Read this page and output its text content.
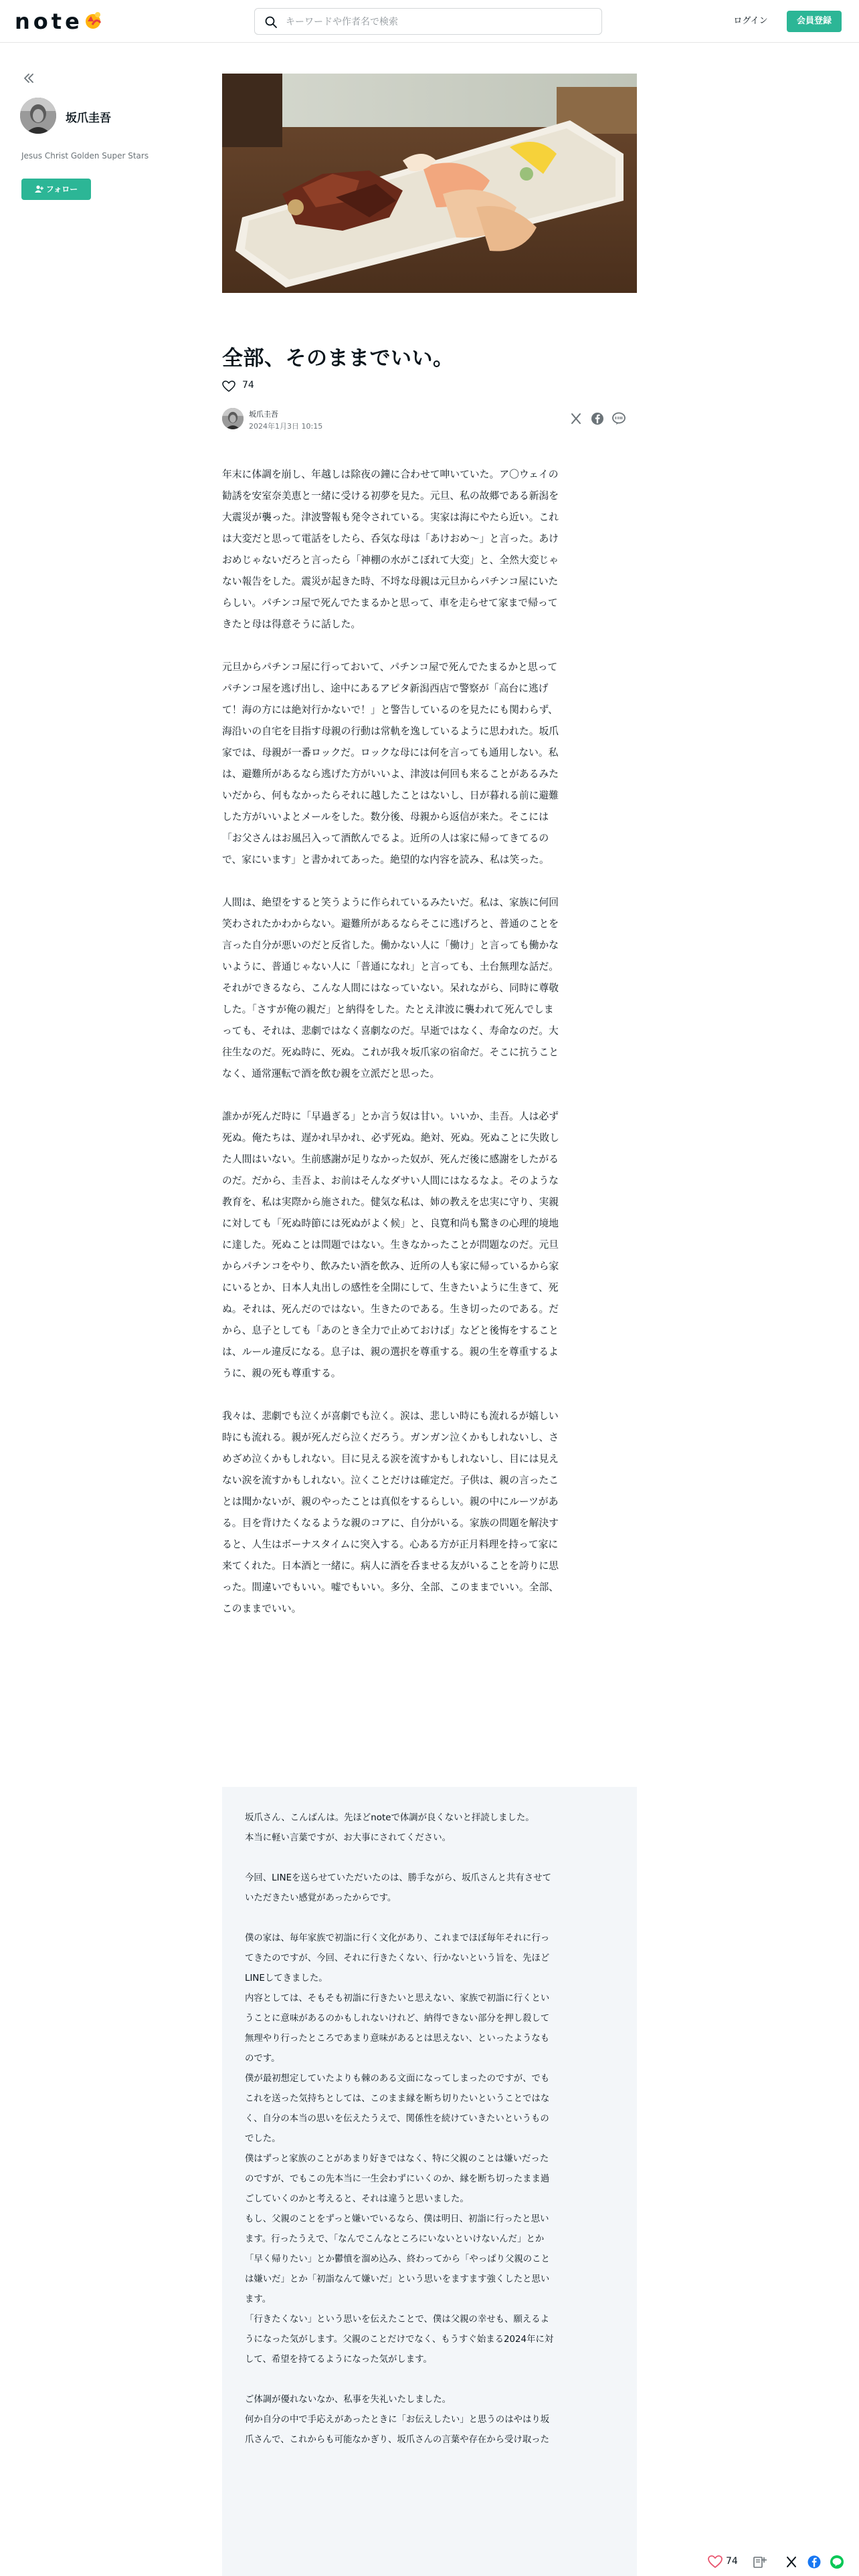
note
キーワードや作者名で検索	ログイン	会員登録
坂爪圭吾
Jesus Christ Golden Super Stars
フォロー
全部、そのままでいい。
74
坂爪圭吾
2024年1月3日 10:15

年末に体調を崩し、年越しは除夜の鐘に合わせて呻いていた。ア〇ウェイの
勧誘を安室奈美恵と一緒に受ける初夢を見た。元旦、私の故郷である新潟を
大震災が襲った。津波警報も発令されている。実家は海にやたら近い。これ
は大変だと思って電話をしたら、呑気な母は「あけおめ〜」と言った。あけ
おめじゃないだろと言ったら「神棚の水がこぼれて大変」と、全然大変じゃ
ない報告をした。震災が起きた時、不埒な母親は元旦からパチンコ屋にいた
らしい。パチンコ屋で死んでたまるかと思って、車を走らせて家まで帰って
きたと母は得意そうに話した。

元旦からパチンコ屋に行っておいて、パチンコ屋で死んでたまるかと思って
パチンコ屋を逃げ出し、途中にあるアピタ新潟西店で警察が「高台に逃げ
て！海の方には絶対行かないで！」と警告しているのを見たにも関わらず、
海沿いの自宅を目指す母親の行動は常軌を逸しているように思われた。坂爪
家では、母親が一番ロックだ。ロックな母には何を言っても通用しない。私
は、避難所があるなら逃げた方がいいよ、津波は何回も来ることがあるみた
いだから、何もなかったらそれに越したことはないし、日が暮れる前に避難
した方がいいよとメールをした。数分後、母親から返信が来た。そこには
「お父さんはお風呂入って酒飲んでるよ。近所の人は家に帰ってきてるの
で、家にいます」と書かれてあった。絶望的な内容を読み、私は笑った。

人間は、絶望をすると笑うように作られているみたいだ。私は、家族に何回
笑わされたかわからない。避難所があるならそこに逃げろと、普通のことを
言った自分が悪いのだと反省した。働かない人に「働け」と言っても働かな
いように、普通じゃない人に「普通になれ」と言っても、土台無理な話だ。
それができるなら、こんな人間にはなっていない。呆れながら、同時に尊敬
した。「さすが俺の親だ」と納得をした。たとえ津波に襲われて死んでしま
っても、それは、悲劇ではなく喜劇なのだ。早逝ではなく、寿命なのだ。大
往生なのだ。死ぬ時に、死ぬ。これが我々坂爪家の宿命だ。そこに抗うこと
なく、通常運転で酒を飲む親を立派だと思った。

誰かが死んだ時に「早過ぎる」とか言う奴は甘い。いいか、圭吾。人は必ず
死ぬ。俺たちは、遅かれ早かれ、必ず死ぬ。絶対、死ぬ。死ぬことに失敗し
た人間はいない。生前感謝が足りなかった奴が、死んだ後に感謝をしたがる
のだ。だから、圭吾よ、お前はそんなダサい人間にはなるなよ。そのような
教育を、私は実際から施された。健気な私は、姉の教えを忠実に守り、実親
に対しても「死ぬ時節には死ぬがよく候」と、良寛和尚も驚きの心理的境地
に達した。死ぬことは問題ではない。生きなかったことが問題なのだ。元旦
からパチンコをやり、飲みたい酒を飲み、近所の人も家に帰っているから家
にいるとか、日本人丸出しの感性を全開にして、生きたいように生きて、死
ぬ。それは、死んだのではない。生きたのである。生き切ったのである。だ
から、息子としても「あのとき全力で止めておけば」などと後悔をすること
は、ルール違反になる。息子は、親の選択を尊重する。親の生を尊重するよ
うに、親の死も尊重する。

我々は、悲劇でも泣くが喜劇でも泣く。涙は、悲しい時にも流れるが嬉しい
時にも流れる。親が死んだら泣くだろう。ガンガン泣くかもしれないし、さ
めざめ泣くかもしれない。目に見える涙を流すかもしれないし、目には見え
ない涙を流すかもしれない。泣くことだけは確定だ。子供は、親の言ったこ
とは聞かないが、親のやったことは真似をするらしい。親の中にルーツがあ
る。目を背けたくなるような親のコアに、自分がいる。家族の問題を解決す
ると、人生はボーナスタイムに突入する。心ある方が正月料理を持って家に
来てくれた。日本酒と一緒に。病人に酒を呑ませる友がいることを誇りに思
った。間違いでもいい。嘘でもいい。多分、全部、このままでいい。全部、
このままでいい。

坂爪さん、こんばんは。先ほどnoteで体調が良くないと拝読しました。
本当に軽い言葉ですが、お大事にされてください。

今回、LINEを送らせていただいたのは、勝手ながら、坂爪さんと共有させて
いただきたい感覚があったからです。

僕の家は、毎年家族で初詣に行く文化があり、これまでほぼ毎年それに行っ
てきたのですが、今回、それに行きたくない、行かないという旨を、先ほど
LINEしてきました。

内容としては、そもそも初詣に行きたいと思えない、家族で初詣に行くとい
うことに意味があるのかもしれないけれど、納得できない部分を押し殺して
無理やり行ったところであまり意味があるとは思えない、といったようなも
のです。

僕が最初想定していたよりも棘のある文面になってしまったのですが、でも
これを送った気持ちとしては、このまま縁を断ち切りたいということではな
く、自分の本当の思いを伝えたうえで、関係性を続けていきたいというもの
でした。

僕はずっと家族のことがあまり好きではなく、特に父親のことは嫌いだった
のですが、でもこの先本当に一生会わずにいくのか、縁を断ち切ったまま過
ごしていくのかと考えると、それは違うと思いました。

もし、父親のことをずっと嫌いでいるなら、僕は明日、初詣に行ったと思い
ます。行ったうえで、「なんでこんなところにいないといけないんだ」とか
「早く帰りたい」とか鬱憤を溜め込み、終わってから「やっぱり父親のこと
は嫌いだ」とか「初詣なんて嫌いだ」という思いをますます強くしたと思い
ます。

「行きたくない」という思いを伝えたことで、僕は父親の幸せも、願えるよ
うになった気がします。父親のことだけでなく、もうすぐ始まる2024年に対
して、希望を持てるようになった気がします。

ご体調が優れないなか、私事を失礼いたしました。

何か自分の中で手応えがあったときに「お伝えしたい」と思うのはやはり坂
爪さんで、これからも可能なかぎり、坂爪さんの言葉や存在から受け取った

74
